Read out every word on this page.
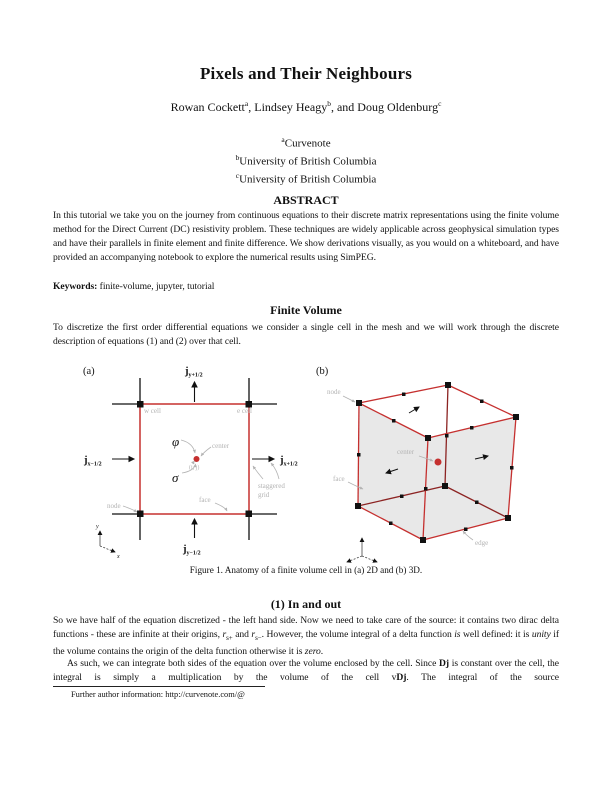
Pixels and Their Neighbours
Rowan Cockett$^a$, Lindsey Heagy$^b$, and Doug Oldenburg$^c$
$^a$Curvenote
$^b$University of British Columbia
$^c$University of British Columbia
ABSTRACT
In this tutorial we take you on the journey from continuous equations to their discrete matrix representations using the finite volume method for the Direct Current (DC) resistivity problem. These techniques are widely applicable across geophysical simulation types and have their parallels in finite element and finite difference. We show derivations visually, as you would on a whiteboard, and have provided an accompanying notebook to explore the numerical results using SimPEG.
Keywords: finite-volume, jupyter, tutorial
Finite Volume
To discretize the first order differential equations we consider a single cell in the mesh and we will work through the discrete description of equations (1) and (2) over that cell.
(a)	jy+1/2
jy−1/2
jx−1/2	jx+1/2
φ
σ
w cell	e cell
center
(i, j)
node
face
staggered
grid
y
x
(b)
node
center
face
edge
Figure 1. Anatomy of a finite volume cell in (a) 2D and (b) 3D.
(1) In and out
So we have half of the equation discretized - the left hand side. Now we need to take care of the source: it contains two dirac delta functions - these are infinite at their origins, $r_{s+}$ and $r_{s-}$. However, the volume integral of a delta function is well defined: it is unity if the volume contains the origin of the delta function otherwise it is zero.
As such, we can integrate both sides of the equation over the volume enclosed by the cell. Since Dj is constant over the cell, the integral is simply a multiplication by the volume of the cell vDj. The integral of the source
Further author information: http://curvenote.com/@
